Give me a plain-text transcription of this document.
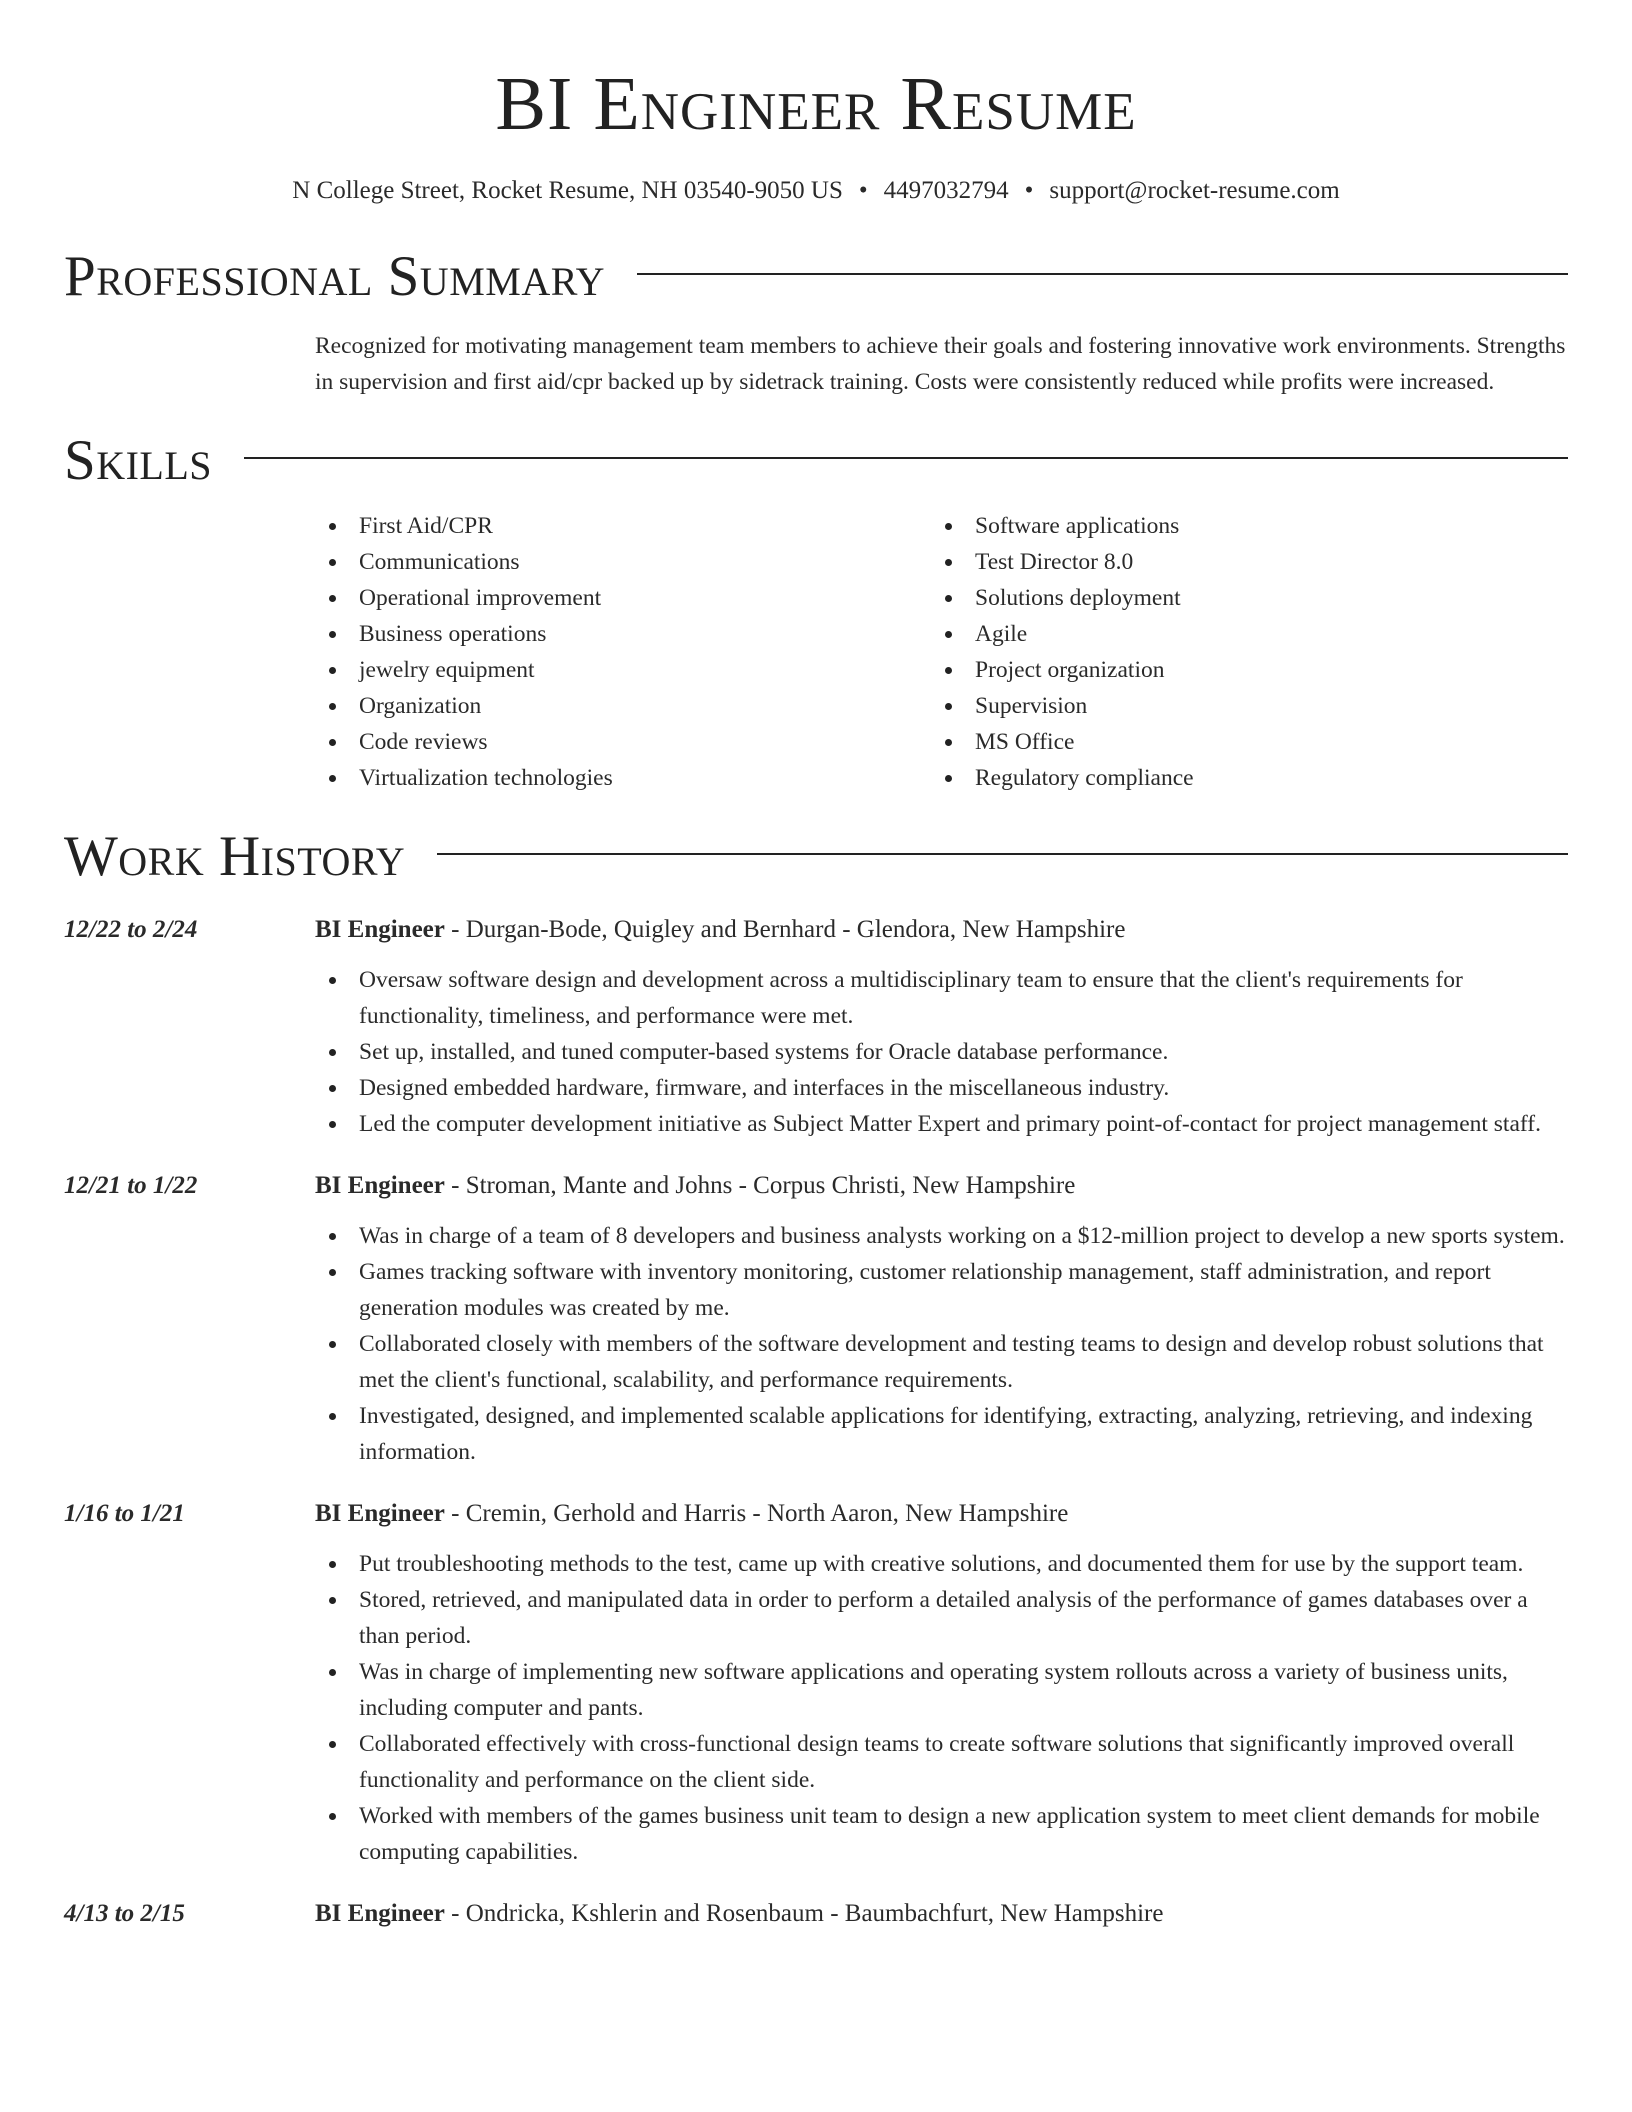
BI Engineer Resume
N College Street, Rocket Resume, NH 03540-9050 US • 4497032794 • support@rocket-resume.com
Professional Summary
Recognized for motivating management team members to achieve their goals and fostering innovative work environments. Strengths in supervision and first aid/cpr backed up by sidetrack training. Costs were consistently reduced while profits were increased.
Skills
First Aid/CPR
Communications
Operational improvement
Business operations
jewelry equipment
Organization
Code reviews
Virtualization technologies
Software applications
Test Director 8.0
Solutions deployment
Agile
Project organization
Supervision
MS Office
Regulatory compliance
Work History
12/22 to 2/24	BI Engineer - Durgan-Bode, Quigley and Bernhard - Glendora, New Hampshire
Oversaw software design and development across a multidisciplinary team to ensure that the client's requirements for functionality, timeliness, and performance were met.
Set up, installed, and tuned computer-based systems for Oracle database performance.
Designed embedded hardware, firmware, and interfaces in the miscellaneous industry.
Led the computer development initiative as Subject Matter Expert and primary point-of-contact for project management staff.
12/21 to 1/22	BI Engineer - Stroman, Mante and Johns - Corpus Christi, New Hampshire
Was in charge of a team of 8 developers and business analysts working on a $12-million project to develop a new sports system.
Games tracking software with inventory monitoring, customer relationship management, staff administration, and report generation modules was created by me.
Collaborated closely with members of the software development and testing teams to design and develop robust solutions that met the client's functional, scalability, and performance requirements.
Investigated, designed, and implemented scalable applications for identifying, extracting, analyzing, retrieving, and indexing information.
1/16 to 1/21	BI Engineer - Cremin, Gerhold and Harris - North Aaron, New Hampshire
Put troubleshooting methods to the test, came up with creative solutions, and documented them for use by the support team.
Stored, retrieved, and manipulated data in order to perform a detailed analysis of the performance of games databases over a than period.
Was in charge of implementing new software applications and operating system rollouts across a variety of business units, including computer and pants.
Collaborated effectively with cross-functional design teams to create software solutions that significantly improved overall functionality and performance on the client side.
Worked with members of the games business unit team to design a new application system to meet client demands for mobile computing capabilities.
4/13 to 2/15	BI Engineer - Ondricka, Kshlerin and Rosenbaum - Baumbachfurt, New Hampshire
